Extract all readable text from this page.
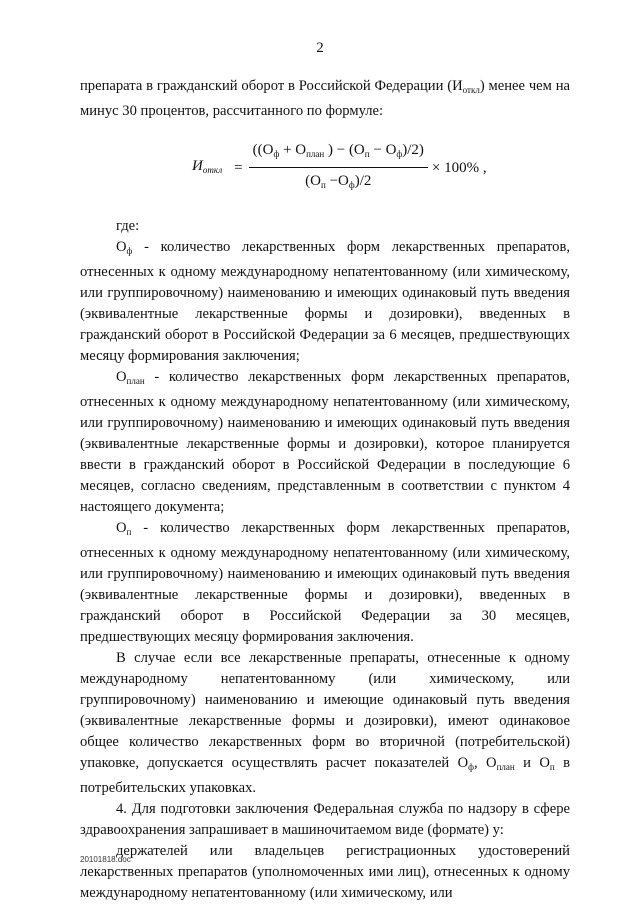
2

препарата в гражданский оборот в Российской Федерации $(И_{откл})$ менее чем на минус 30 процентов, рассчитанного по формуле:

$И_{откл} = \frac{((О_ф + О_{план} ) - (О_п - О_ф)/2)}{(О_п -О_ф)/2} \times 100\%$ ,

где:

$О_ф$ - количество лекарственных форм лекарственных препаратов, отнесенных к одному международному непатентованному (или химическому, или группировочному) наименованию и имеющих одинаковый путь введения (эквивалентные лекарственные формы и дозировки), введенных в гражданский оборот в Российской Федерации за 6 месяцев, предшествующих месяцу формирования заключения;

$О_{план}$ - количество лекарственных форм лекарственных препаратов, отнесенных к одному международному непатентованному (или химическому, или группировочному) наименованию и имеющих одинаковый путь введения (эквивалентные лекарственные формы и дозировки), которое планируется ввести в гражданский оборот в Российской Федерации в последующие 6 месяцев, согласно сведениям, представленным в соответствии с пунктом 4 настоящего документа;

$О_п$ - количество лекарственных форм лекарственных препаратов, отнесенных к одному международному непатентованному (или химическому, или группировочному) наименованию и имеющих одинаковый путь введения (эквивалентные лекарственные формы и дозировки), введенных в гражданский оборот в Российской Федерации за 30 месяцев, предшествующих месяцу формирования заключения.

В случае если все лекарственные препараты, отнесенные к одному международному непатентованному (или химическому, или группировочному) наименованию и имеющие одинаковый путь введения (эквивалентные лекарственные формы и дозировки), имеют одинаковое общее количество лекарственных форм во вторичной (потребительской) упаковке, допускается осуществлять расчет показателей $О_ф$, $О_{план}$ и $О_п$ в потребительских упаковках.

4. Для подготовки заключения Федеральная служба по надзору в сфере здравоохранения запрашивает в машиночитаемом виде (формате) у:

держателей или владельцев регистрационных удостоверений лекарственных препаратов (уполномоченных ими лиц), отнесенных к одному международному непатентованному (или химическому, или

20101818.doc
